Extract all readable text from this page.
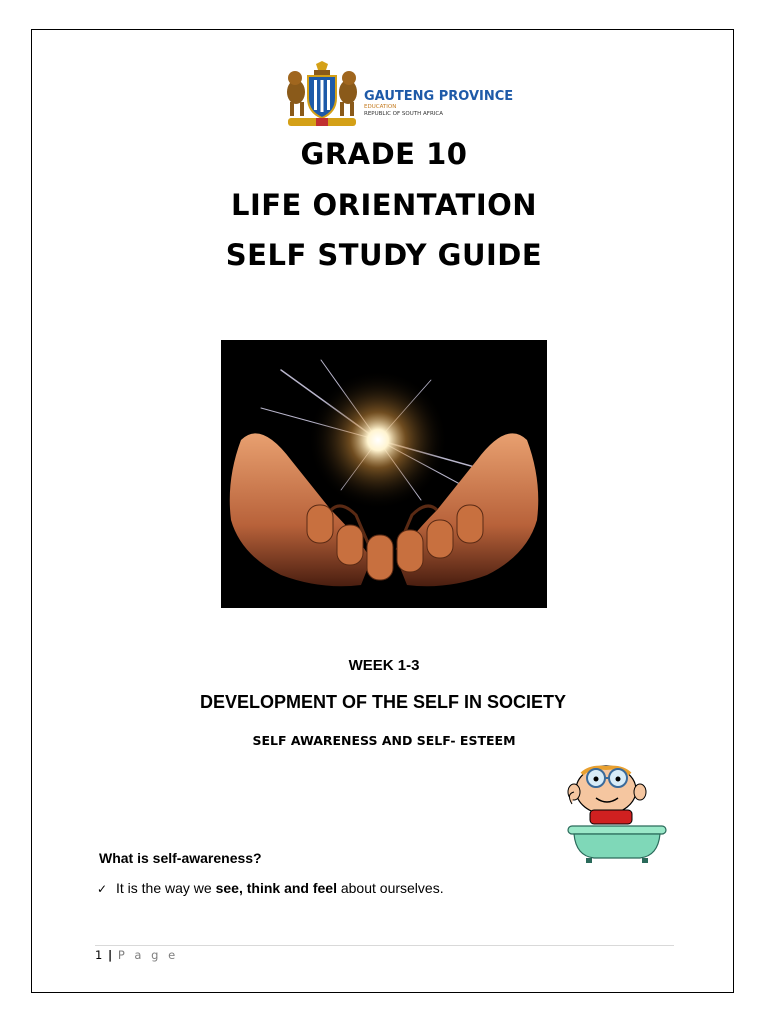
GAUTENG PROVINCE
EDUCATION
REPUBLIC OF SOUTH AFRICA
GRADE 10
LIFE ORIENTATION
SELF STUDY GUIDE
WEEK 1-3
DEVELOPMENT OF THE SELF IN SOCIETY
SELF AWARENESS AND SELF- ESTEEM
What is self-awareness?
✓ It is the way we see, think and feel about ourselves.
1 | P a g e
